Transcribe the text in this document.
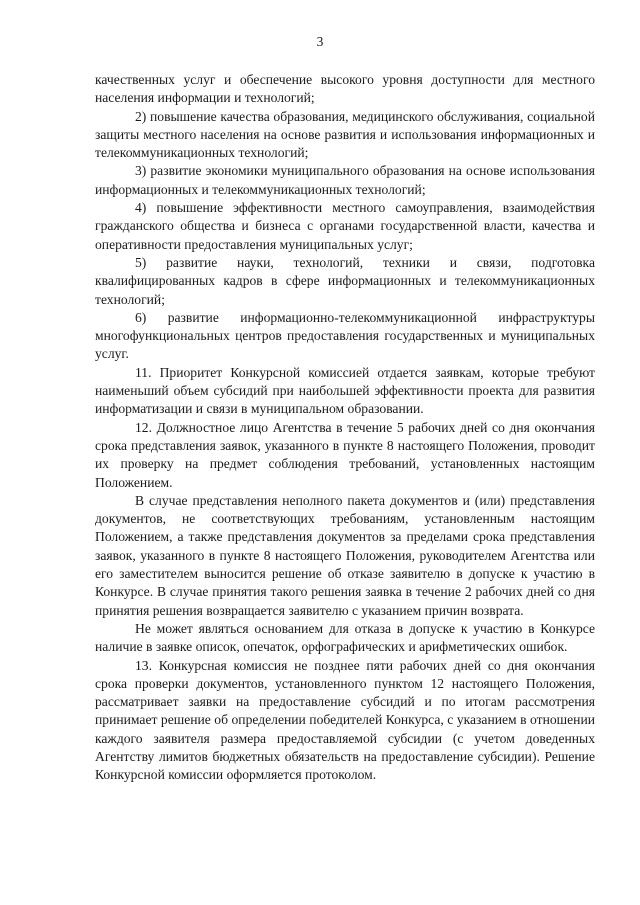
3

качественных услуг и обеспечение высокого уровня доступности для местного населения информации и технологий;

2) повышение качества образования, медицинского обслуживания, социальной защиты местного населения на основе развития и использования информационных и телекоммуникационных технологий;

3) развитие экономики муниципального образования на основе использования информационных и телекоммуникационных технологий;

4) повышение эффективности местного самоуправления, взаимодействия гражданского общества и бизнеса с органами государственной власти, качества и оперативности предоставления муниципальных услуг;

5) развитие науки, технологий, техники и связи, подготовка квалифицированных кадров в сфере информационных и телекоммуникационных технологий;

6) развитие информационно-телекоммуникационной инфраструктуры многофункциональных центров предоставления государственных и муниципальных услуг.

11. Приоритет Конкурсной комиссией отдается заявкам, которые требуют наименьший объем субсидий при наибольшей эффективности проекта для развития информатизации и связи в муниципальном образовании.

12. Должностное лицо Агентства в течение 5 рабочих дней со дня окончания срока представления заявок, указанного в пункте 8 настоящего Положения, проводит их проверку на предмет соблюдения требований, установленных настоящим Положением.

В случае представления неполного пакета документов и (или) представления документов, не соответствующих требованиям, установленным настоящим Положением, а также представления документов за пределами срока представления заявок, указанного в пункте 8 настоящего Положения, руководителем Агентства или его заместителем выносится решение об отказе заявителю в допуске к участию в Конкурсе. В случае принятия такого решения заявка в течение 2 рабочих дней со дня принятия решения возвращается заявителю с указанием причин возврата.

Не может являться основанием для отказа в допуске к участию в Конкурсе наличие в заявке описок, опечаток, орфографических и арифметических ошибок.

13. Конкурсная комиссия не позднее пяти рабочих дней со дня окончания срока проверки документов, установленного пунктом 12 настоящего Положения, рассматривает заявки на предоставление субсидий и по итогам рассмотрения принимает решение об определении победителей Конкурса, с указанием в отношении каждого заявителя размера предоставляемой субсидии (с учетом доведенных Агентству лимитов бюджетных обязательств на предоставление субсидии). Решение Конкурсной комиссии оформляется протоколом.
